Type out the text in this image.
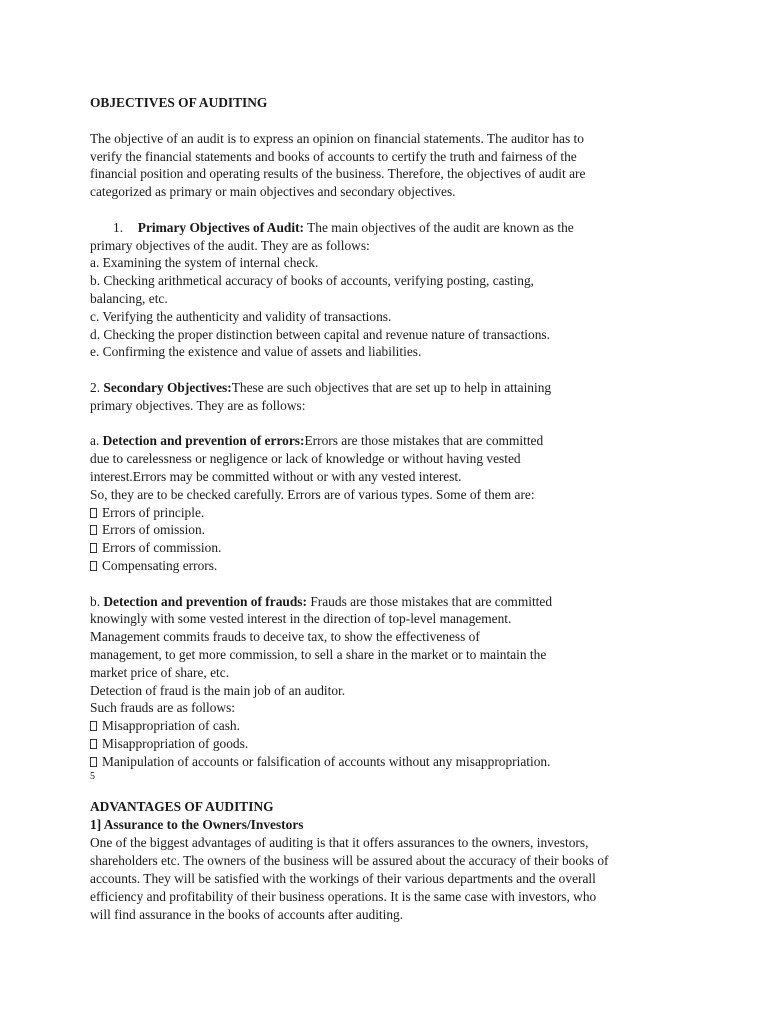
OBJECTIVES OF AUDITING
The objective of an audit is to express an opinion on financial statements. The auditor has to
verify the financial statements and books of accounts to certify the truth and fairness of the
financial position and operating results of the business. Therefore, the objectives of audit are
categorized as primary or main objectives and secondary objectives.
1. Primary Objectives of Audit: The main objectives of the audit are known as the
primary objectives of the audit. They are as follows:
a. Examining the system of internal check.
b. Checking arithmetical accuracy of books of accounts, verifying posting, casting,
balancing, etc.
c. Verifying the authenticity and validity of transactions.
d. Checking the proper distinction between capital and revenue nature of transactions.
e. Confirming the existence and value of assets and liabilities.
2. Secondary Objectives:These are such objectives that are set up to help in attaining
primary objectives. They are as follows:
a. Detection and prevention of errors:Errors are those mistakes that are committed
due to carelessness or negligence or lack of knowledge or without having vested
interest.Errors may be committed without or with any vested interest.
So, they are to be checked carefully. Errors are of various types. Some of them are:
Errors of principle.
Errors of omission.
Errors of commission.
Compensating errors.
b. Detection and prevention of frauds: Frauds are those mistakes that are committed
knowingly with some vested interest in the direction of top-level management.
Management commits frauds to deceive tax, to show the effectiveness of
management, to get more commission, to sell a share in the market or to maintain the
market price of share, etc.
Detection of fraud is the main job of an auditor.
Such frauds are as follows:
Misappropriation of cash.
Misappropriation of goods.
Manipulation of accounts or falsification of accounts without any misappropriation.
5
ADVANTAGES OF AUDITING
1] Assurance to the Owners/Investors
One of the biggest advantages of auditing is that it offers assurances to the owners, investors,
shareholders etc. The owners of the business will be assured about the accuracy of their books of
accounts. They will be satisfied with the workings of their various departments and the overall
efficiency and profitability of their business operations. It is the same case with investors, who
will find assurance in the books of accounts after auditing.
